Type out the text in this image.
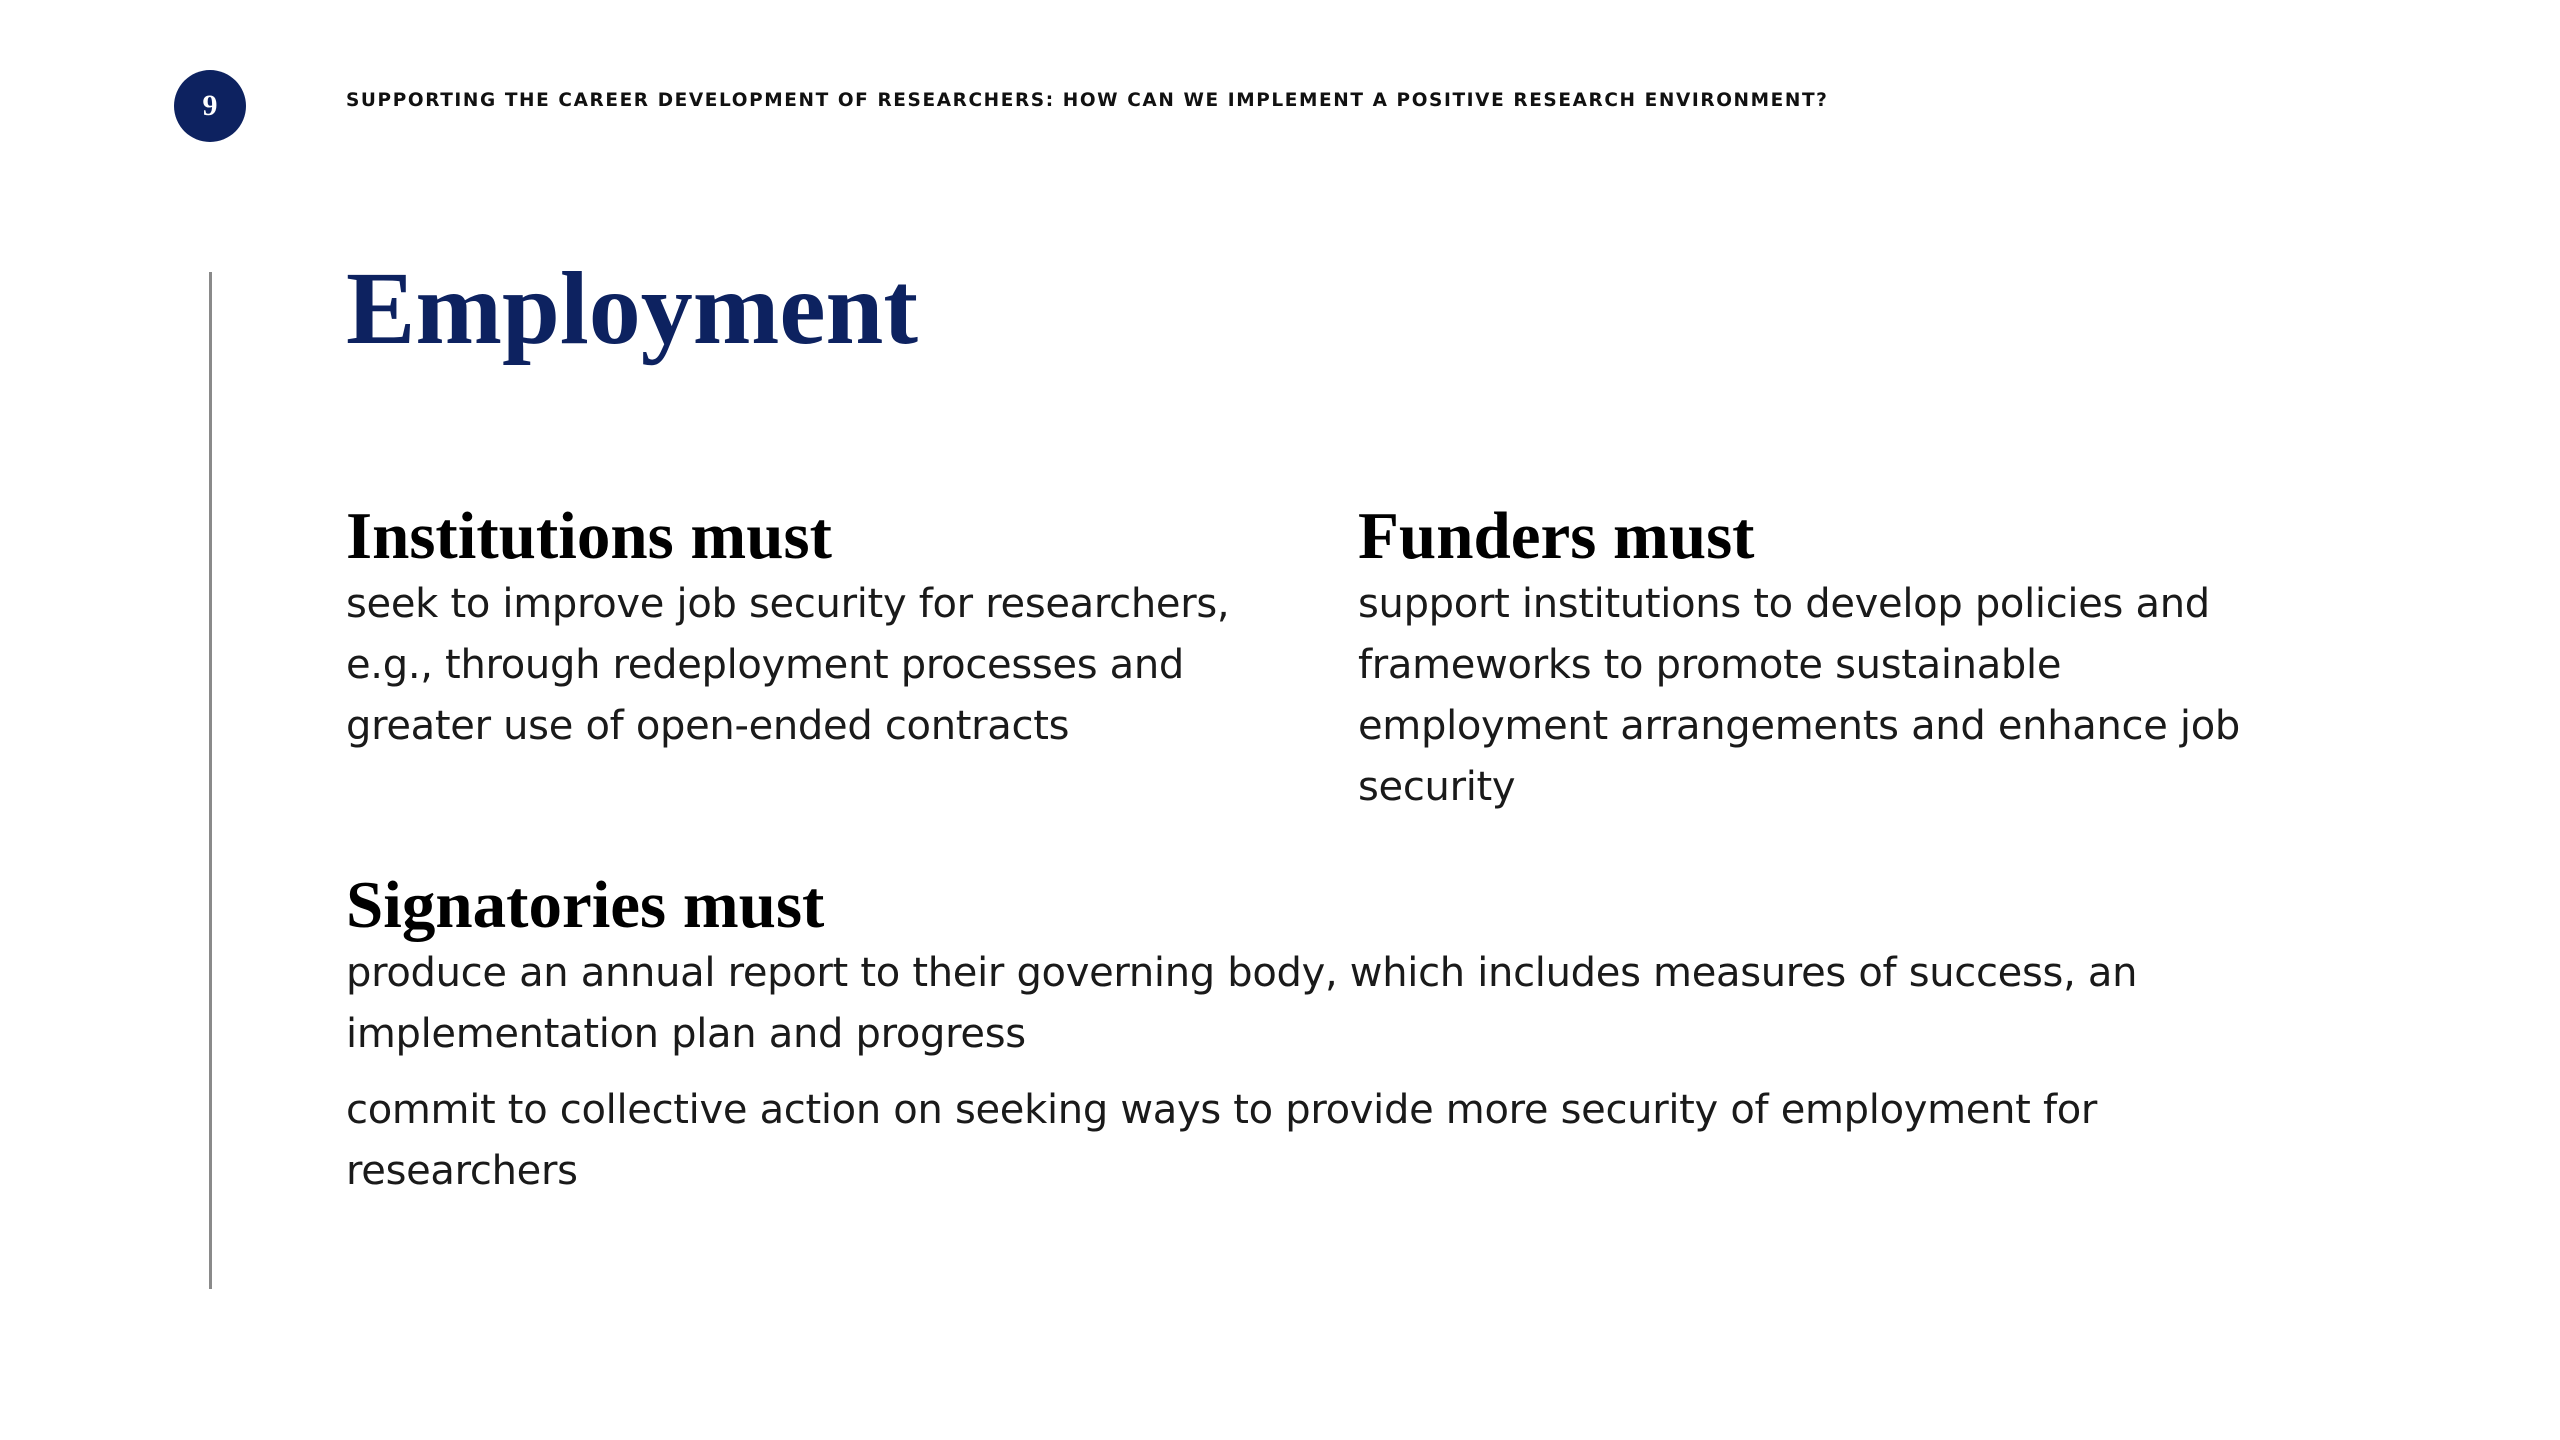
9	SUPPORTING THE CAREER DEVELOPMENT OF RESEARCHERS: HOW CAN WE IMPLEMENT A POSITIVE RESEARCH ENVIRONMENT?
Employment
Institutions must

seek to improve job security for researchers, e.g., through redeployment processes and greater use of open-ended contracts

Funders must

support institutions to develop policies and frameworks to promote sustainable employment arrangements and enhance job security

Signatories must

produce an annual report to their governing body, which includes measures of success, an implementation plan and progress

commit to collective action on seeking ways to provide more security of employment for researchers
